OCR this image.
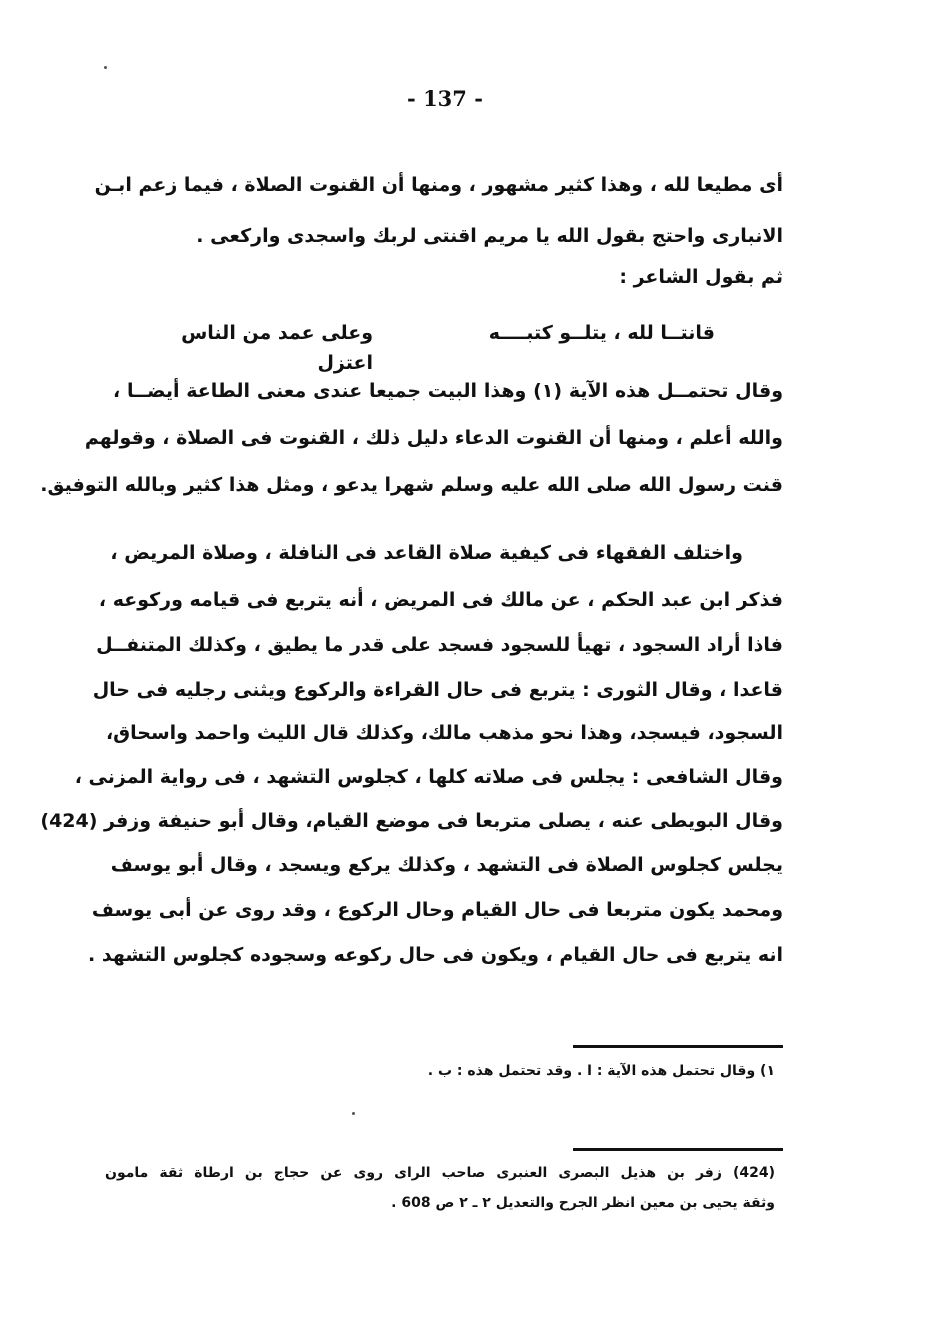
- 137 -
أى مطيعا لله ، وهذا كثير مشهور ، ومنها أن القنوت الصلاة ، فيما زعم ابـن
الانبارى واحتج بقول الله يا مريم اقنتى لربك واسجدى واركعى .
ثم بقول الشاعر :
قانتــا لله ، يتلــو كتبــــه
وعلى عمد من الناس اعتزل
وقال تحتمــل هذه الآية (١) وهذا البيت جميعا عندى معنى الطاعة أيضــا ،
والله أعلم ، ومنها أن القنوت الدعاء دليل ذلك ، القنوت فى الصلاة ، وقولهم
قنت رسول الله صلى الله عليه وسلم شهرا يدعو ، ومثل هذا كثير وبالله التوفيق.
واختلف الفقهاء فى كيفية صلاة القاعد فى النافلة ، وصلاة المريض ،
فذكر ابن عبد الحكم ، عن مالك فى المريض ، أنه يتربع فى قيامه وركوعه ،
فاذا أراد السجود ، تهيأ للسجود فسجد على قدر ما يطيق ، وكذلك المتنفــل
قاعدا ، وقال الثورى : يتربع فى حال القراءة والركوع ويثنى رجليه فى حال
السجود، فيسجد، وهذا نحو مذهب مالك، وكذلك قال الليث واحمد واسحاق،
وقال الشافعى : يجلس فى صلاته كلها ، كجلوس التشهد ، فى رواية المزنى ،
وقال البويطى عنه ، يصلى متربعا فى موضع القيام، وقال أبو حنيفة وزفر (424)
يجلس كجلوس الصلاة فى التشهد ، وكذلك يركع ويسجد ، وقال أبو يوسف
ومحمد يكون متربعا فى حال القيام وحال الركوع ، وقد روى عن أبى يوسف
انه يتربع فى حال القيام ، ويكون فى حال ركوعه وسجوده كجلوس التشهد .
١) وقال تحتمل هذه الآية : ا . وقد تحتمل هذه : ب .
(424) زفر بن هذيل البصرى العنبرى صاحب الراى روى عن حجاج بن ارطاة ثقة مامون
وثقة يحيى بن معين انظر الجرح والتعديل ٢ ـ ٢ ص 608 .
